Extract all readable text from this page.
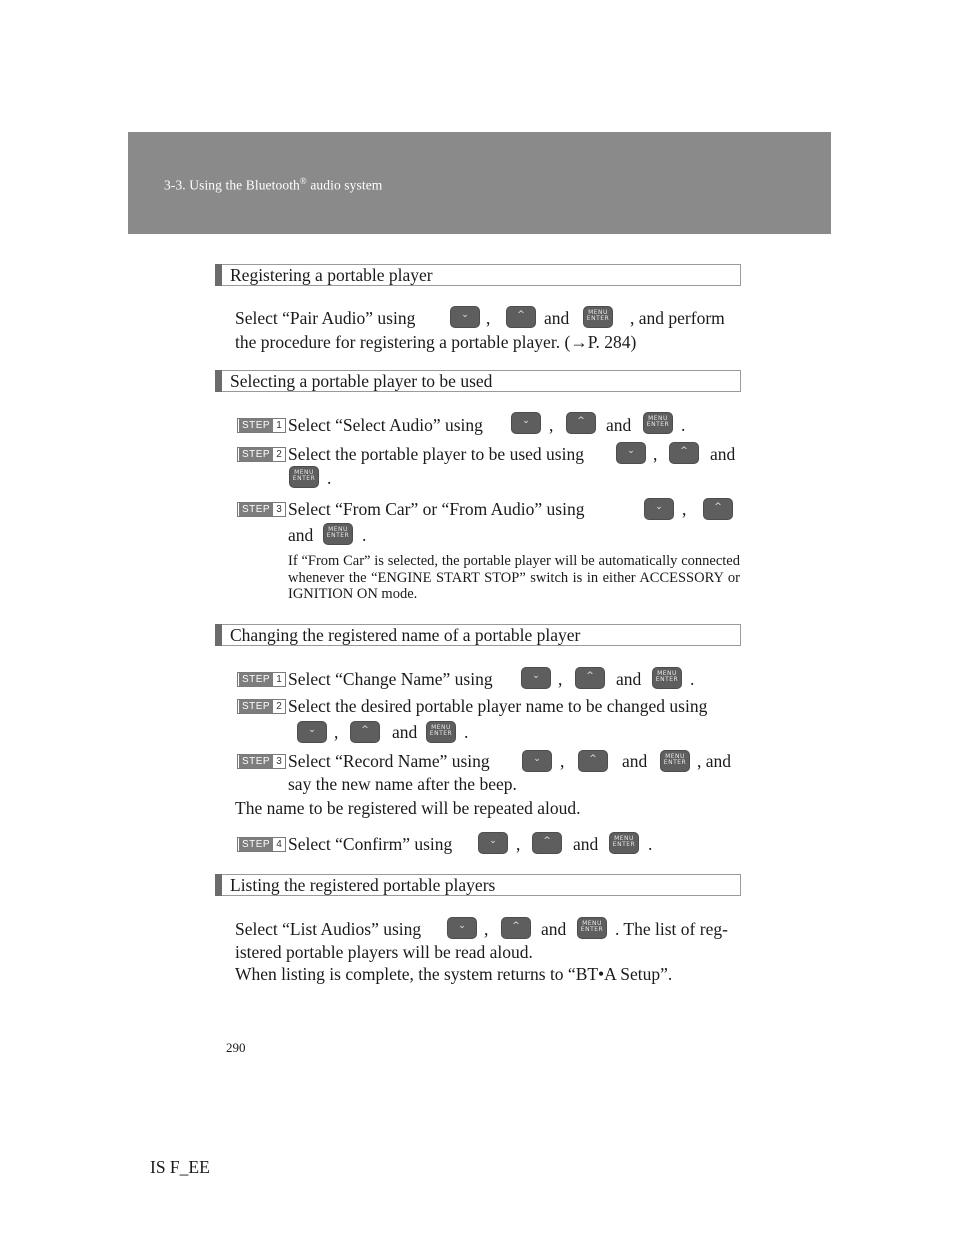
3-3. Using the Bluetooth® audio system
Registering a portable player
Select “Pair Audio” using	⌄ ,	^	and	MENU
ENTER , and perform
the procedure for registering a portable player. (→P. 284)
Selecting a portable player to be used
STEP 1 Select “Select Audio” using	⌄	,	^	and	MENU
ENTER .
STEP 2 Select the portable player to be used using	⌄	,	^	and
MENU
ENTER .
STEP 3 Select “From Car” or “From Audio” using	⌄	,	^
and	MENU
ENTER .
If “From Car” is selected, the portable player will be automatically connected whenever the “ENGINE START STOP” switch is in either ACCESSORY or IGNITION ON mode.
Changing the registered name of a portable player
STEP 1 Select “Change Name” using	⌄	,	^	and	MENU
ENTER .
STEP 2 Select the desired portable player name to be changed using
⌄	,	^	and	MENU
ENTER .
STEP 3 Select “Record Name” using	⌄	,	^	and	MENU
ENTER , and
say the new name after the beep.
The name to be registered will be repeated aloud.
STEP 4 Select “Confirm” using	⌄	,	^	and	MENU
ENTER .
Listing the registered portable players
Select “List Audios” using	⌄	,	^	and	MENU
ENTER . The list of reg-
istered portable players will be read aloud.
When listing is complete, the system returns to “BT•A Setup”.
290
IS F_EE
